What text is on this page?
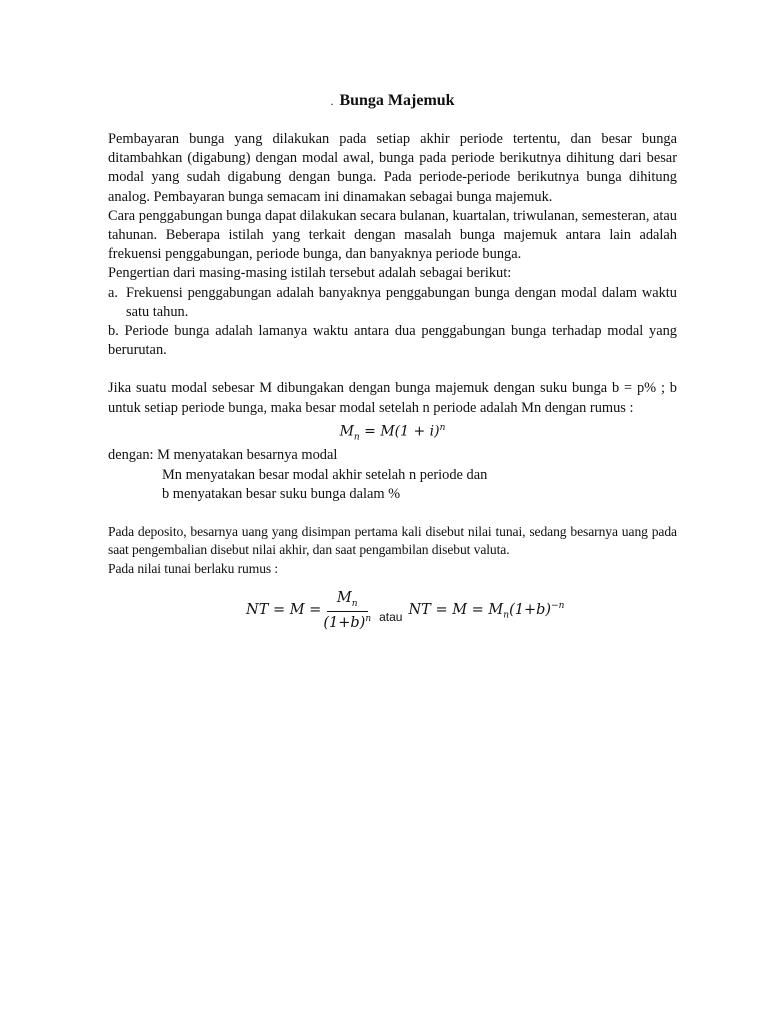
. Bunga Majemuk

Pembayaran bunga yang dilakukan pada setiap akhir periode tertentu, dan besar bunga ditambahkan (digabung) dengan modal awal, bunga pada periode berikutnya dihitung dari besar modal yang sudah digabung dengan bunga. Pada periode-periode berikutnya bunga dihitung analog. Pembayaran bunga semacam ini dinamakan sebagai bunga majemuk.

Cara penggabungan bunga dapat dilakukan secara bulanan, kuartalan, triwulanan, semesteran, atau tahunan. Beberapa istilah yang terkait dengan masalah bunga majemuk antara lain adalah frekuensi penggabungan, periode bunga, dan banyaknya periode bunga.

Pengertian dari masing-masing istilah tersebut adalah sebagai berikut:

a. Frekuensi penggabungan adalah banyaknya penggabungan bunga dengan modal dalam waktu satu tahun.

b. Periode bunga adalah lamanya waktu antara dua penggabungan bunga terhadap modal yang berurutan.

Jika suatu modal sebesar M dibungakan dengan bunga majemuk dengan suku bunga b = p% ; b untuk setiap periode bunga, maka besar modal setelah n periode adalah Mn dengan rumus :

$M_n = M(1 + i)^n$

dengan: M menyatakan besarnya modal

Mn menyatakan besar modal akhir setelah n periode dan

b menyatakan besar suku bunga dalam %

Pada deposito, besarnya uang yang disimpan pertama kali disebut nilai tunai, sedang besarnya uang pada saat pengembalian disebut nilai akhir, dan saat pengambilan disebut valuta.
Pada nilai tunai berlaku rumus :
NT = $M = \frac{M_n}{(1+b)^n}$ atau
NT = $M = M_n(1+b)^{-n}$
